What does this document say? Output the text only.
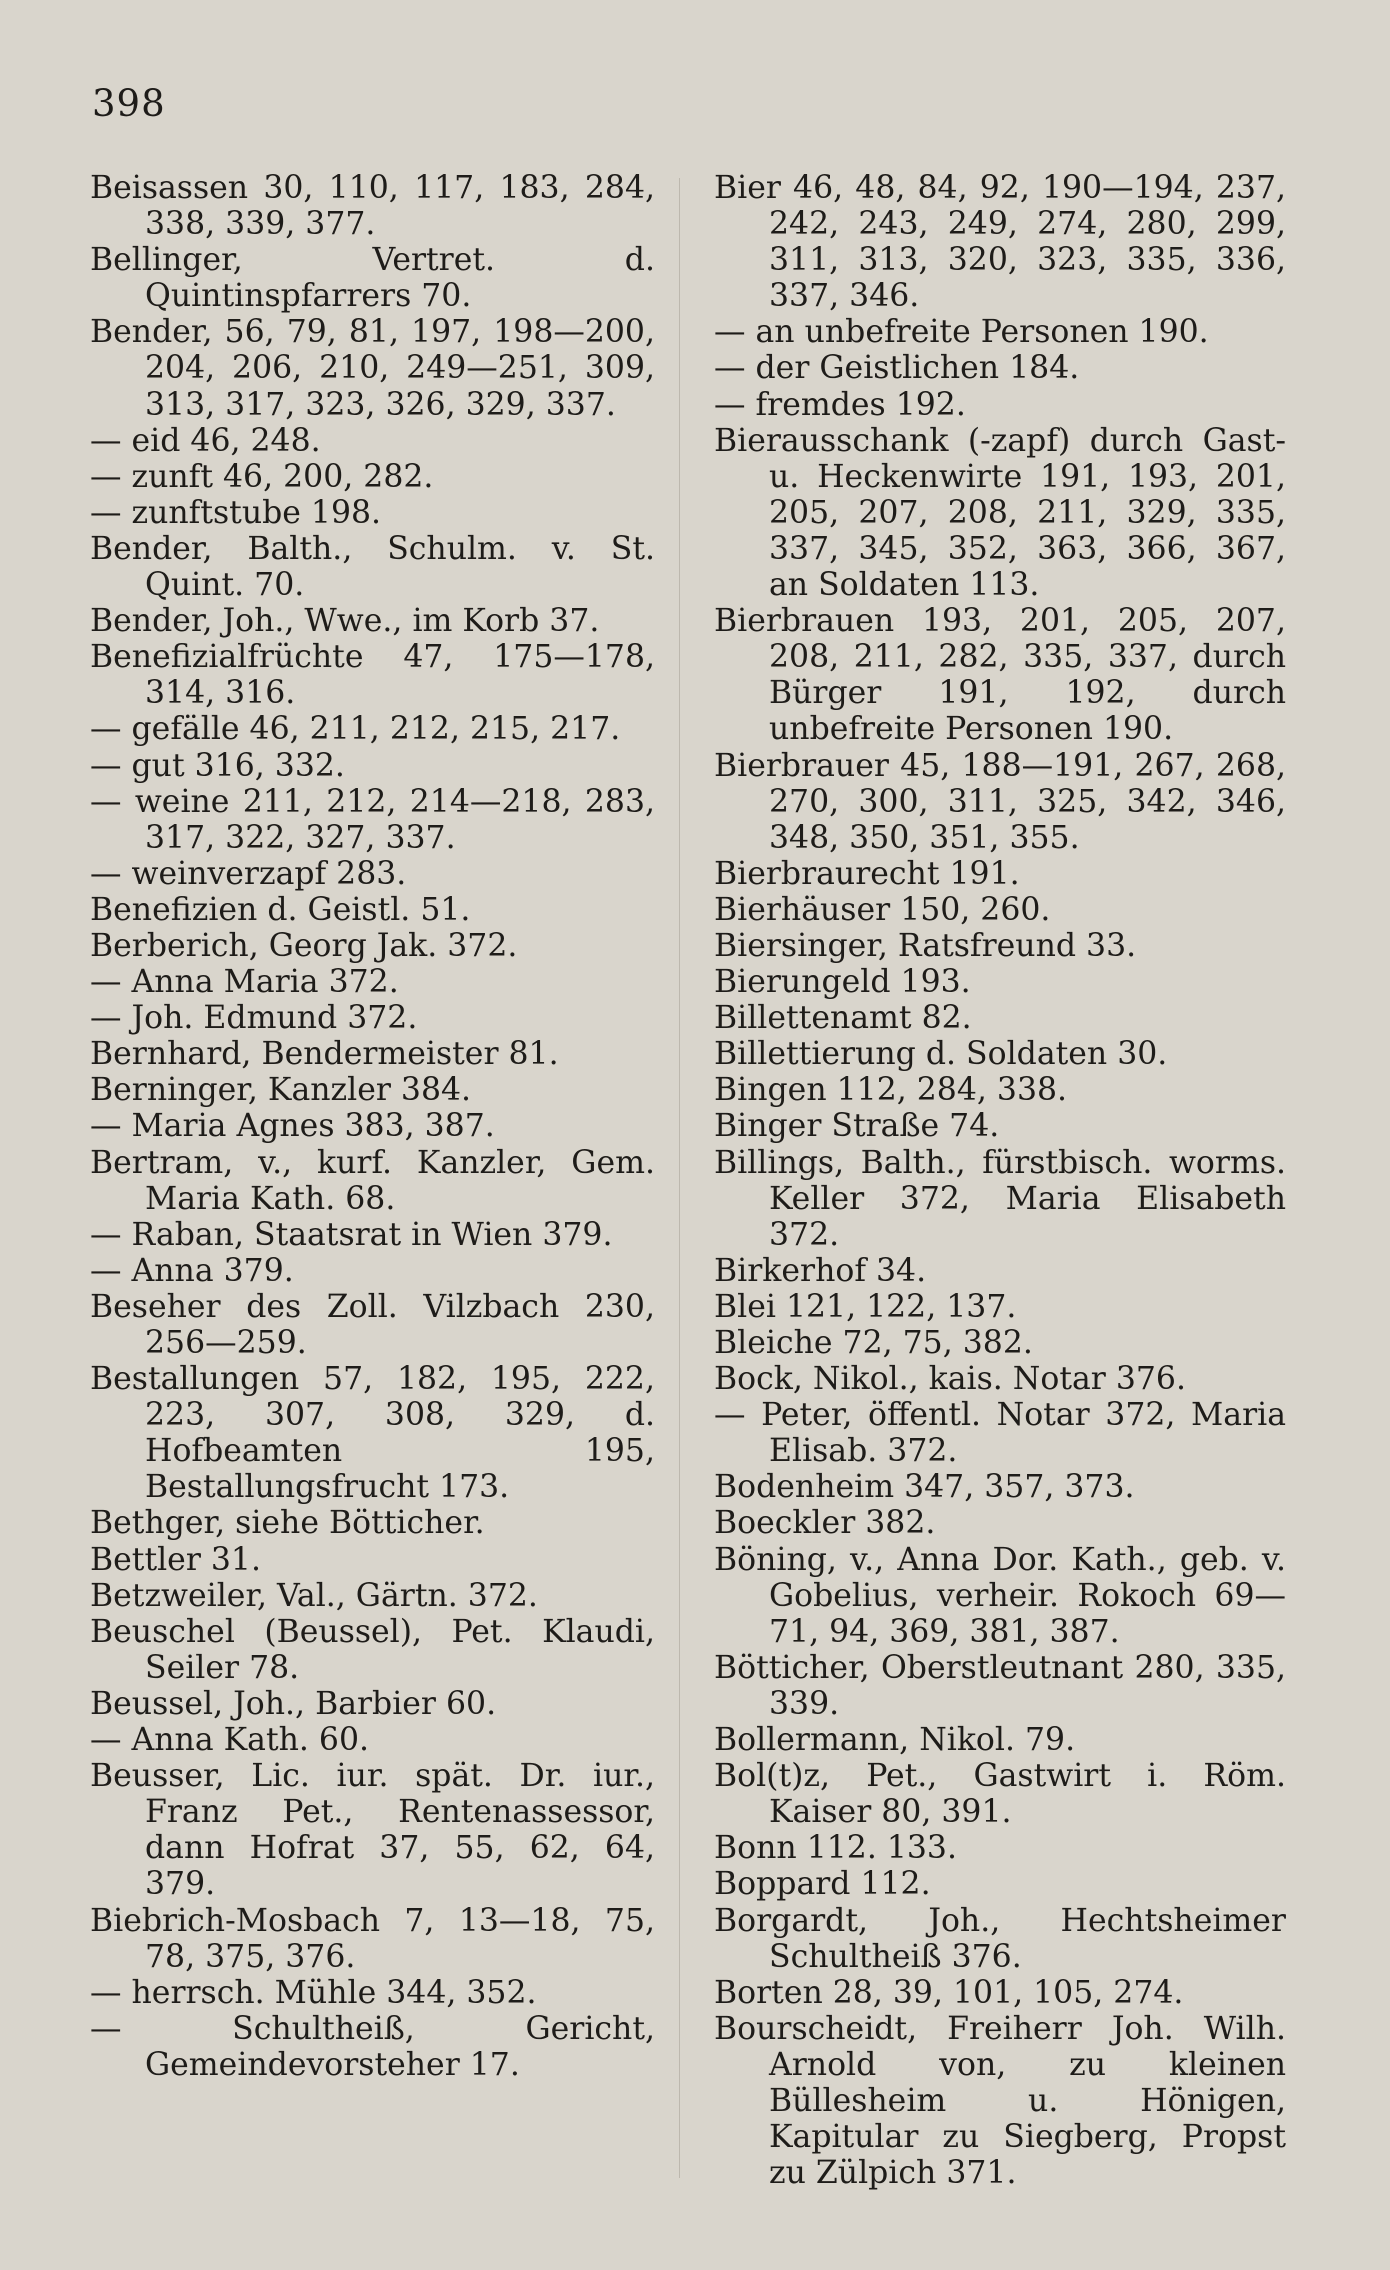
398

Beisassen 30, 110, 117, 183, 284, 338, 339, 377.

Bellinger, Vertret. d. Quintinspfarrers 70.

Bender, 56, 79, 81, 197, 198—200, 204, 206, 210, 249—251, 309, 313, 317, 323, 326, 329, 337.

— eid 46, 248.

— zunft 46, 200, 282.

— zunftstube 198.

Bender, Balth., Schulm. v. St. Quint. 70.

Bender, Joh., Wwe., im Korb 37.

Benefizialfrüchte 47, 175—178, 314, 316.

— gefälle 46, 211, 212, 215, 217.

— gut 316, 332.

— weine 211, 212, 214—218, 283, 317, 322, 327, 337.

— weinverzapf 283.

Benefizien d. Geistl. 51.

Berberich, Georg Jak. 372.

— Anna Maria 372.

— Joh. Edmund 372.

Bernhard, Bendermeister 81.

Berninger, Kanzler 384.

— Maria Agnes 383, 387.

Bertram, v., kurf. Kanzler, Gem. Maria Kath. 68.

— Raban, Staatsrat in Wien 379.

— Anna 379.

Beseher des Zoll. Vilzbach 230, 256—259.

Bestallungen 57, 182, 195, 222, 223, 307, 308, 329, d. Hofbeamten 195, Bestallungsfrucht 173.

Bethger, siehe Bötticher.

Bettler 31.

Betzweiler, Val., Gärtn. 372.

Beuschel (Beussel), Pet. Klaudi, Seiler 78.

Beussel, Joh., Barbier 60.

— Anna Kath. 60.

Beusser, Lic. iur. spät. Dr. iur., Franz Pet., Rentenassessor, dann Hofrat 37, 55, 62, 64, 379.

Biebrich-Mosbach 7, 13—18, 75, 78, 375, 376.

— herrsch. Mühle 344, 352.

— Schultheiß, Gericht, Gemeindevorsteher 17.

Bier 46, 48, 84, 92, 190—194, 237, 242, 243, 249, 274, 280, 299, 311, 313, 320, 323, 335, 336, 337, 346.

— an unbefreite Personen 190.

— der Geistlichen 184.

— fremdes 192.

Bierausschank (-zapf) durch Gast- u. Heckenwirte 191, 193, 201, 205, 207, 208, 211, 329, 335, 337, 345, 352, 363, 366, 367, an Soldaten 113.

Bierbrauen 193, 201, 205, 207, 208, 211, 282, 335, 337, durch Bürger 191, 192, durch unbefreite Personen 190.

Bierbrauer 45, 188—191, 267, 268, 270, 300, 311, 325, 342, 346, 348, 350, 351, 355.

Bierbraurecht 191.

Bierhäuser 150, 260.

Biersinger, Ratsfreund 33.

Bierungeld 193.

Billettenamt 82.

Billettierung d. Soldaten 30.

Bingen 112, 284, 338.

Binger Straße 74.

Billings, Balth., fürstbisch. worms. Keller 372, Maria Elisabeth 372.

Birkerhof 34.

Blei 121, 122, 137.

Bleiche 72, 75, 382.

Bock, Nikol., kais. Notar 376.

— Peter, öffentl. Notar 372, Maria Elisab. 372.

Bodenheim 347, 357, 373.

Boeckler 382.

Böning, v., Anna Dor. Kath., geb. v. Gobelius, verheir. Rokoch 69—71, 94, 369, 381, 387.

Bötticher, Oberstleutnant 280, 335, 339.

Bollermann, Nikol. 79.

Bol(t)z, Pet., Gastwirt i. Röm. Kaiser 80, 391.

Bonn 112. 133.

Boppard 112.

Borgardt, Joh., Hechtsheimer Schultheiß 376.

Borten 28, 39, 101, 105, 274.

Bourscheidt, Freiherr Joh. Wilh. Arnold von, zu kleinen Büllesheim u. Hönigen, Kapitular zu Siegberg, Propst zu Zülpich 371.
